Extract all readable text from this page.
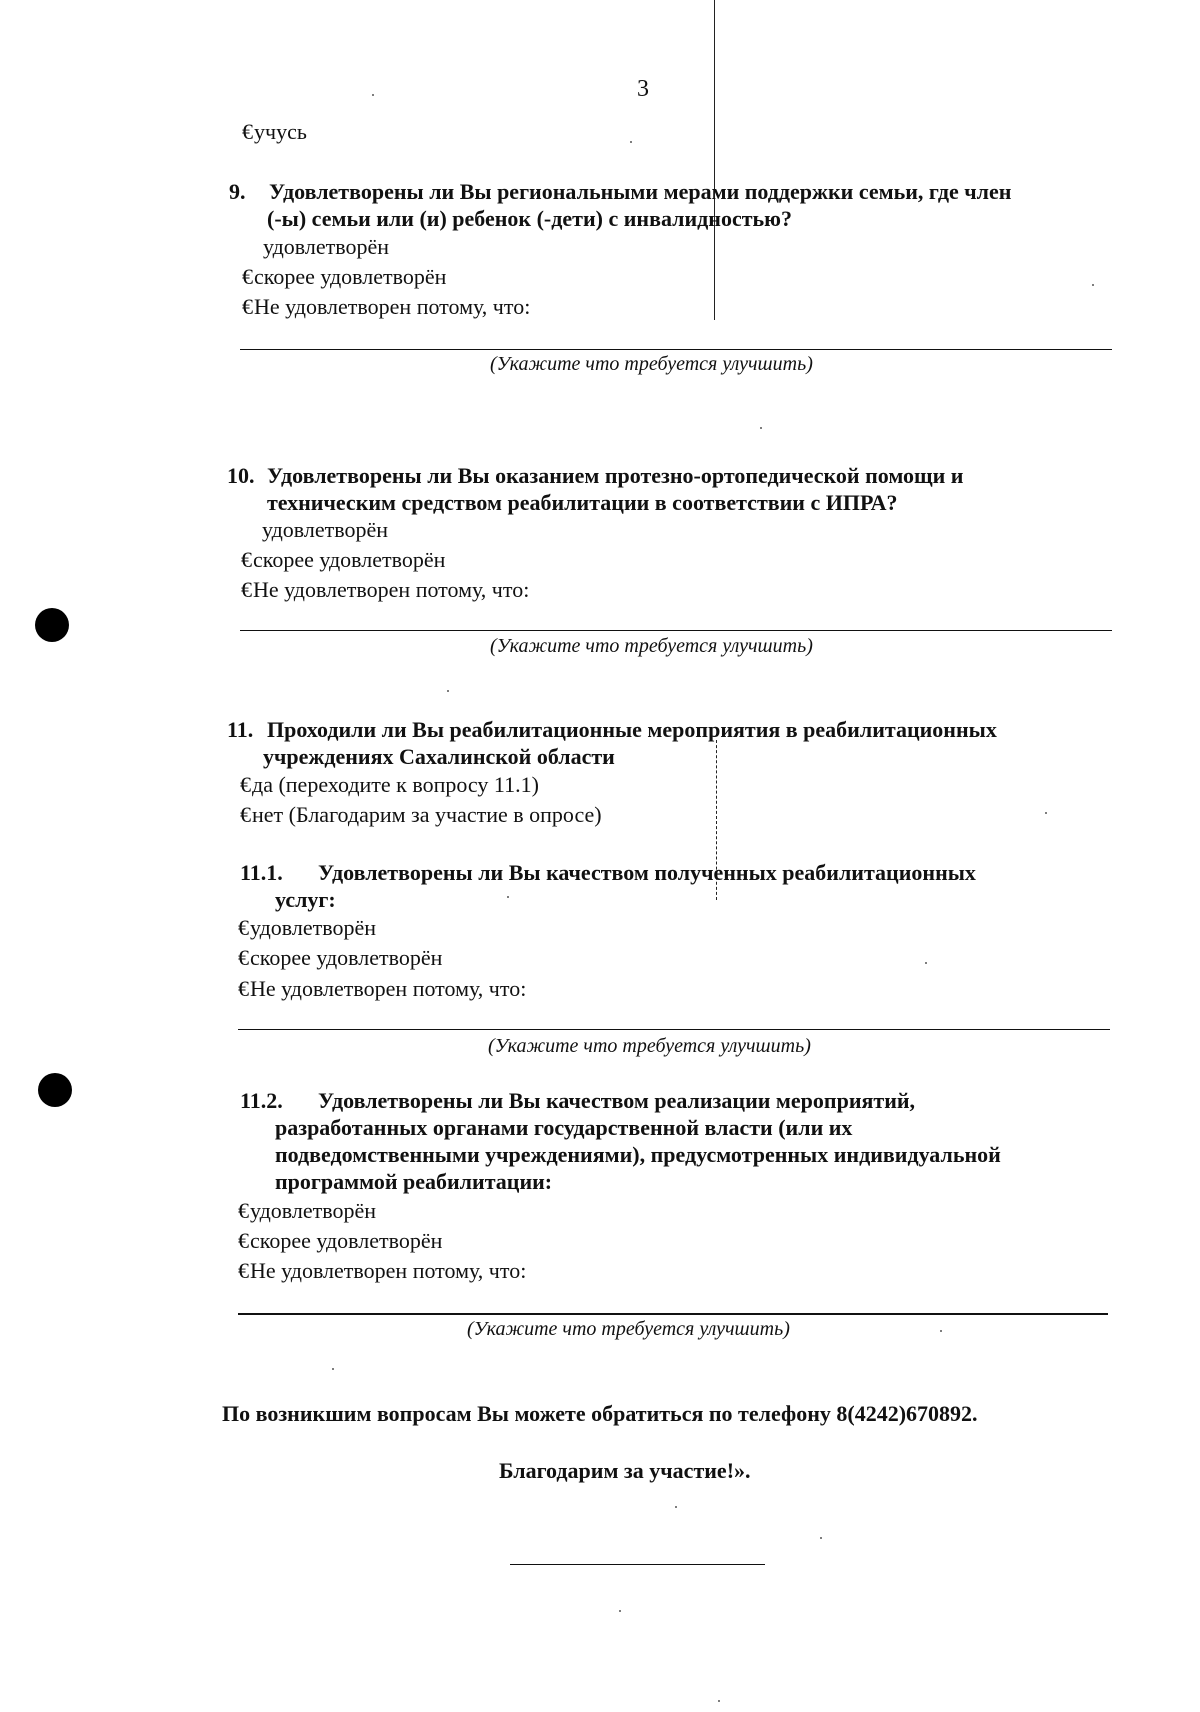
3
€учусь
9. Удовлетворены ли Вы региональными мерами поддержки семьи, где член
(-ы) семьи или (и) ребенок (-дети) с инвалидностью?
удовлетворён
€скорее удовлетворён
€Не удовлетворен потому, что:
(Укажите что требуется улучшить)
10. Удовлетворены ли Вы оказанием протезно-ортопедической помощи и
техническим средством реабилитации в соответствии с ИПРА?
удовлетворён
€скорее удовлетворён
€Не удовлетворен потому, что:
(Укажите что требуется улучшить)
11. Проходили ли Вы реабилитационные мероприятия в реабилитационных
учреждениях Сахалинской области
€да (переходите к вопросу 11.1)
€нет (Благодарим за участие в опросе)
11.1. Удовлетворены ли Вы качеством полученных реабилитационных
услуг:
€удовлетворён
€скорее удовлетворён
€Не удовлетворен потому, что:
(Укажите что требуется улучшить)
11.2. Удовлетворены ли Вы качеством реализации мероприятий,
разработанных органами государственной власти (или их
подведомственными учреждениями), предусмотренных индивидуальной
программой реабилитации:
€удовлетворён
€скорее удовлетворён
€Не удовлетворен потому, что:
(Укажите что требуется улучшить)
По возникшим вопросам Вы можете обратиться по телефону 8(4242)670892.
Благодарим за участие!».
